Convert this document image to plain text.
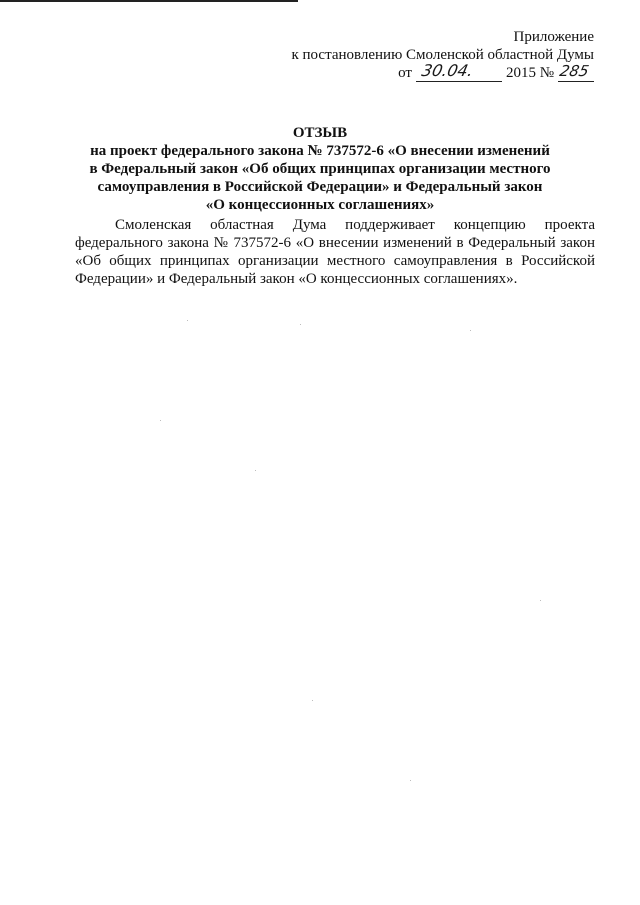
Приложение
к постановлению Смоленской областной Думы
от 30.04. 2015 № 285
ОТЗЫВ
на проект федерального закона № 737572-6 «О внесении изменений
в Федеральный закон «Об общих принципах организации местного
самоуправления в Российской Федерации» и Федеральный закон
«О концессионных соглашениях»

Смоленская областная Дума поддерживает концепцию проекта федерального закона № 737572-6 «О внесении изменений в Федеральный закон «Об общих принципах организации местного самоуправления в Российской Федерации» и Федеральный закон «О концессионных соглашениях».
